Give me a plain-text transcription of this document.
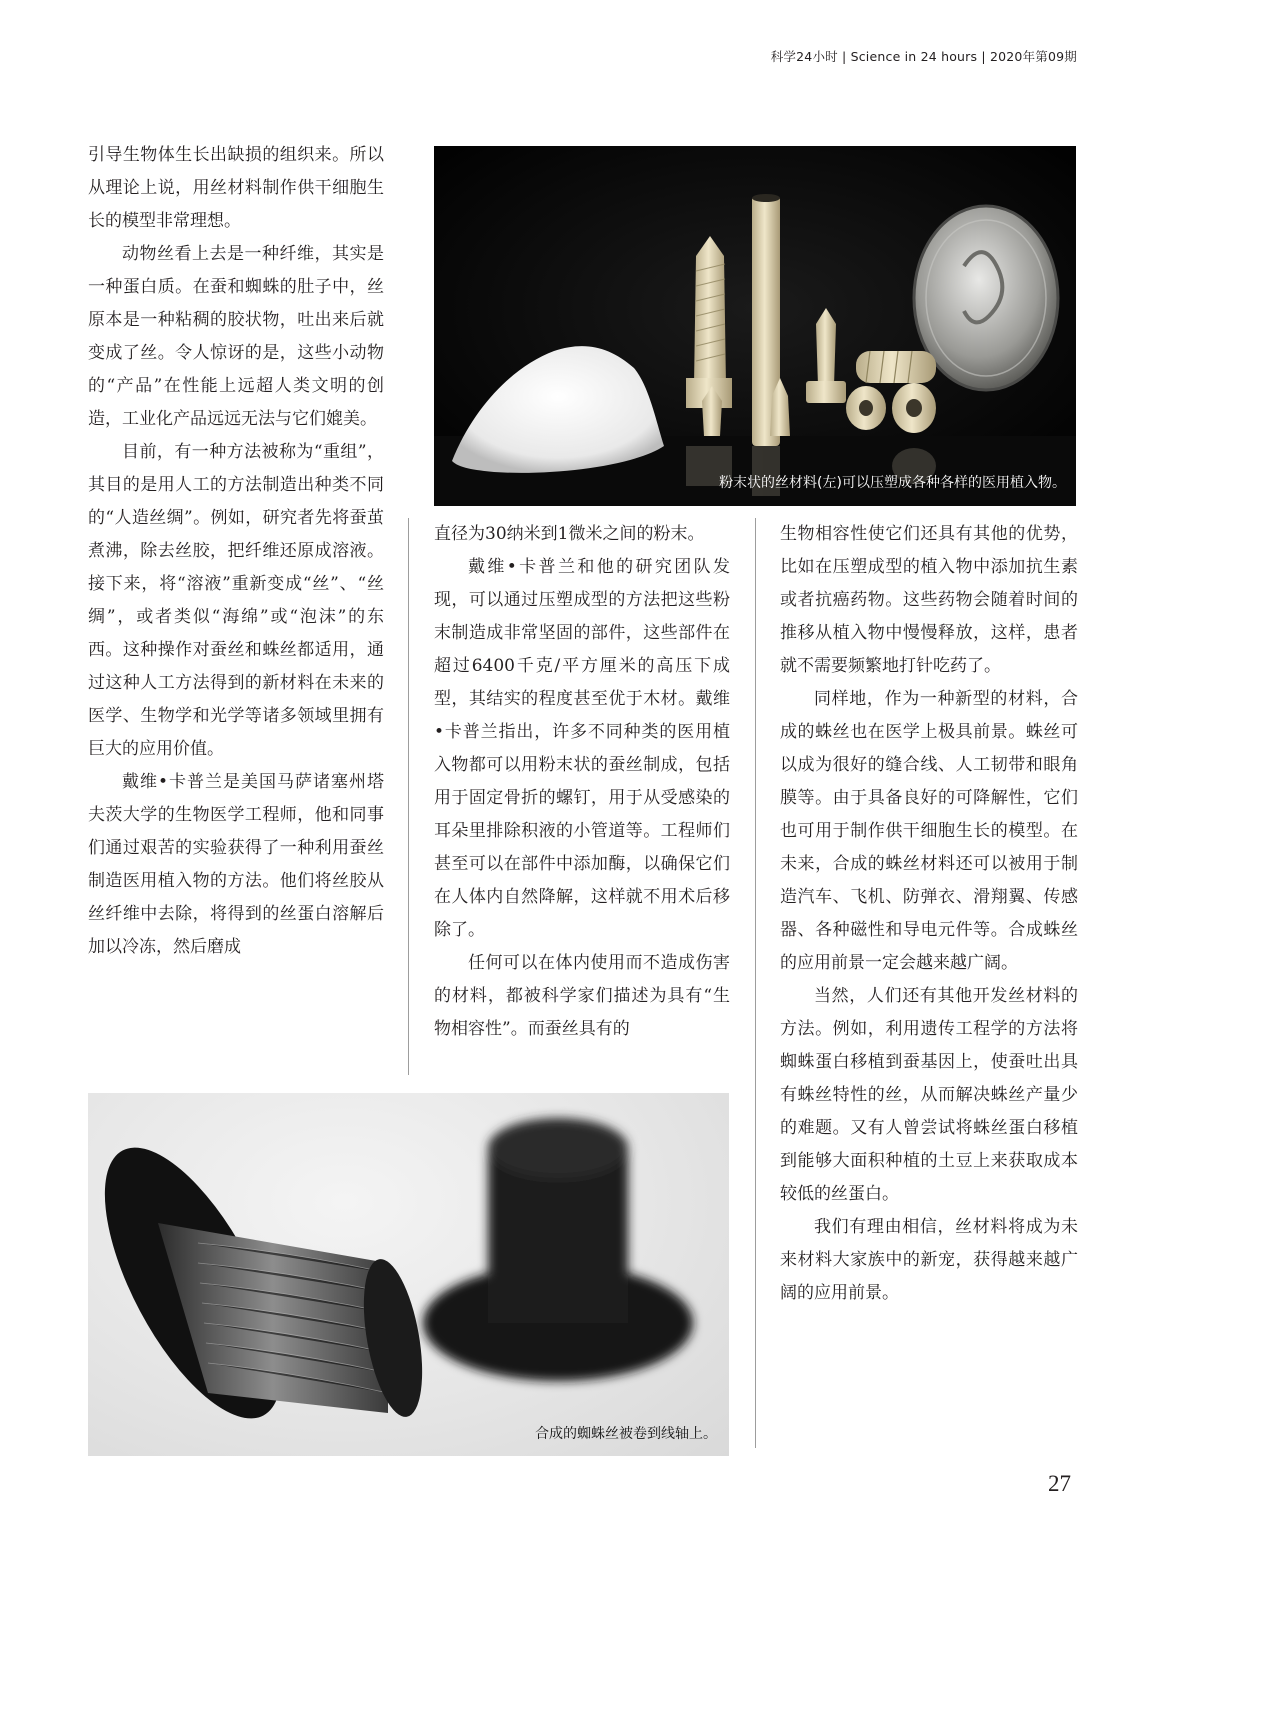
科学24小时 | Science in 24 hours | 2020年第09期
粉末状的丝材料(左)可以压塑成各种各样的医用植入物。

引导生物体生长出缺损的组织来。所以从理论上说，用丝材料制作供干细胞生长的模型非常理想。

动物丝看上去是一种纤维，其实是一种蛋白质。在蚕和蜘蛛的肚子中，丝原本是一种粘稠的胶状物，吐出来后就变成了丝。令人惊讶的是，这些小动物的“产品”在性能上远超人类文明的创造，工业化产品远远无法与它们媲美。

目前，有一种方法被称为“重组”，其目的是用人工的方法制造出种类不同的“人造丝绸”。例如，研究者先将蚕茧煮沸，除去丝胶，把纤维还原成溶液。接下来，将“溶液”重新变成“丝”、“丝绸”，或者类似“海绵”或“泡沫”的东西。这种操作对蚕丝和蛛丝都适用，通过这种人工方法得到的新材料在未来的医学、生物学和光学等诸多领域里拥有巨大的应用价值。

戴维•卡普兰是美国马萨诸塞州塔夫茨大学的生物医学工程师，他和同事们通过艰苦的实验获得了一种利用蚕丝制造医用植入物的方法。他们将丝胶从丝纤维中去除，将得到的丝蛋白溶解后加以冷冻，然后磨成

直径为30纳米到1微米之间的粉末。

戴维•卡普兰和他的研究团队发现，可以通过压塑成型的方法把这些粉末制造成非常坚固的部件，这些部件在超过6400千克/平方厘米的高压下成型，其结实的程度甚至优于木材。戴维•卡普兰指出，许多不同种类的医用植入物都可以用粉末状的蚕丝制成，包括用于固定骨折的螺钉，用于从受感染的耳朵里排除积液的小管道等。工程师们甚至可以在部件中添加酶，以确保它们在人体内自然降解，这样就不用术后移除了。

任何可以在体内使用而不造成伤害的材料，都被科学家们描述为具有“生物相容性”。而蚕丝具有的

生物相容性使它们还具有其他的优势，比如在压塑成型的植入物中添加抗生素或者抗癌药物。这些药物会随着时间的推移从植入物中慢慢释放，这样，患者就不需要频繁地打针吃药了。

同样地，作为一种新型的材料，合成的蛛丝也在医学上极具前景。蛛丝可以成为很好的缝合线、人工韧带和眼角膜等。由于具备良好的可降解性，它们也可用于制作供干细胞生长的模型。在未来，合成的蛛丝材料还可以被用于制造汽车、飞机、防弹衣、滑翔翼、传感器、各种磁性和导电元件等。合成蛛丝的应用前景一定会越来越广阔。

当然，人们还有其他开发丝材料的方法。例如，利用遗传工程学的方法将蜘蛛蛋白移植到蚕基因上，使蚕吐出具有蛛丝特性的丝，从而解决蛛丝产量少的难题。又有人曾尝试将蛛丝蛋白移植到能够大面积种植的土豆上来获取成本较低的丝蛋白。

我们有理由相信，丝材料将成为未来材料大家族中的新宠，获得越来越广阔的应用前景。

合成的蜘蛛丝被卷到线轴上。
27
